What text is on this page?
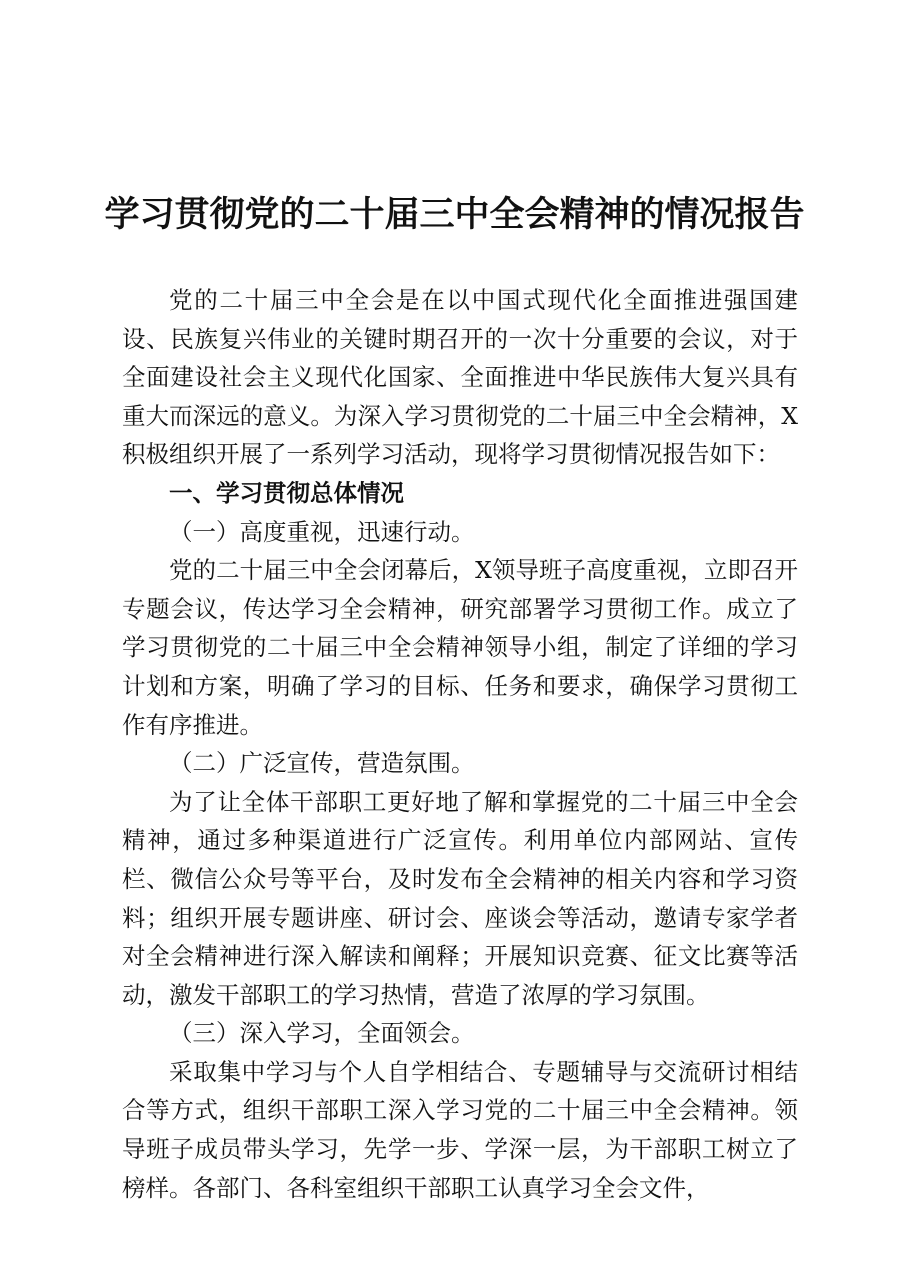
学习贯彻党的二十届三中全会精神的情况报告

党的二十届三中全会是在以中国式现代化全面推进强国建设、民族复兴伟业的关键时期召开的一次十分重要的会议，对于全面建设社会主义现代化国家、全面推进中华民族伟大复兴具有重大而深远的意义。为深入学习贯彻党的二十届三中全会精神，X积极组织开展了一系列学习活动，现将学习贯彻情况报告如下：

一、学习贯彻总体情况

（一）高度重视，迅速行动。

党的二十届三中全会闭幕后，X领导班子高度重视，立即召开专题会议，传达学习全会精神，研究部署学习贯彻工作。成立了学习贯彻党的二十届三中全会精神领导小组，制定了详细的学习计划和方案，明确了学习的目标、任务和要求，确保学习贯彻工作有序推进。

（二）广泛宣传，营造氛围。

为了让全体干部职工更好地了解和掌握党的二十届三中全会精神，通过多种渠道进行广泛宣传。利用单位内部网站、宣传栏、微信公众号等平台，及时发布全会精神的相关内容和学习资料；组织开展专题讲座、研讨会、座谈会等活动，邀请专家学者对全会精神进行深入解读和阐释；开展知识竞赛、征文比赛等活动，激发干部职工的学习热情，营造了浓厚的学习氛围。

（三）深入学习，全面领会。

采取集中学习与个人自学相结合、专题辅导与交流研讨相结合等方式，组织干部职工深入学习党的二十届三中全会精神。领导班子成员带头学习，先学一步、学深一层，为干部职工树立了榜样。各部门、各科室组织干部职工认真学习全会文件，
